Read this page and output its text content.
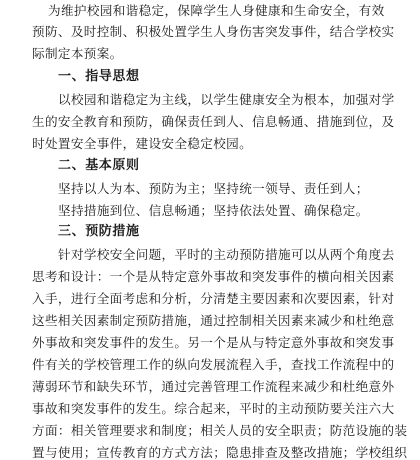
为维护校园和谐稳定，保障学生人身健康和生命安全，有效
预防、及时控制、积极处置学生人身伤害突发事件，结合学校实
际制定本预案。
一、指导思想
以校园和谐稳定为主线，以学生健康安全为根本，加强对学
生的安全教育和预防，确保责任到人、信息畅通、措施到位，及
时处置安全事件，建设安全稳定校园。
二、基本原则
坚持以人为本、预防为主；坚持统一领导、责任到人；
坚持措施到位、信息畅通；坚持依法处置、确保稳定。
三、预防措施
针对学校安全问题，平时的主动预防措施可以从两个角度去
思考和设计：一个是从特定意外事故和突发事件的横向相关因素
入手，进行全面考虑和分析，分清楚主要因素和次要因素，针对
这些相关因素制定预防措施，通过控制相关因素来减少和杜绝意
外事故和突发事件的发生。另一个是从与特定意外事故和突发事
件有关的学校管理工作的纵向发展流程入手，查找工作流程中的
薄弱环节和缺失环节，通过完善管理工作流程来减少和杜绝意外
事故和突发事件的发生。综合起来，平时的主动预防要关注六大
方面：相关管理要求和制度；相关人员的安全职责；防范设施的装
置与使用；宣传教育的方式方法；隐患排查及整改措施；学校组织
